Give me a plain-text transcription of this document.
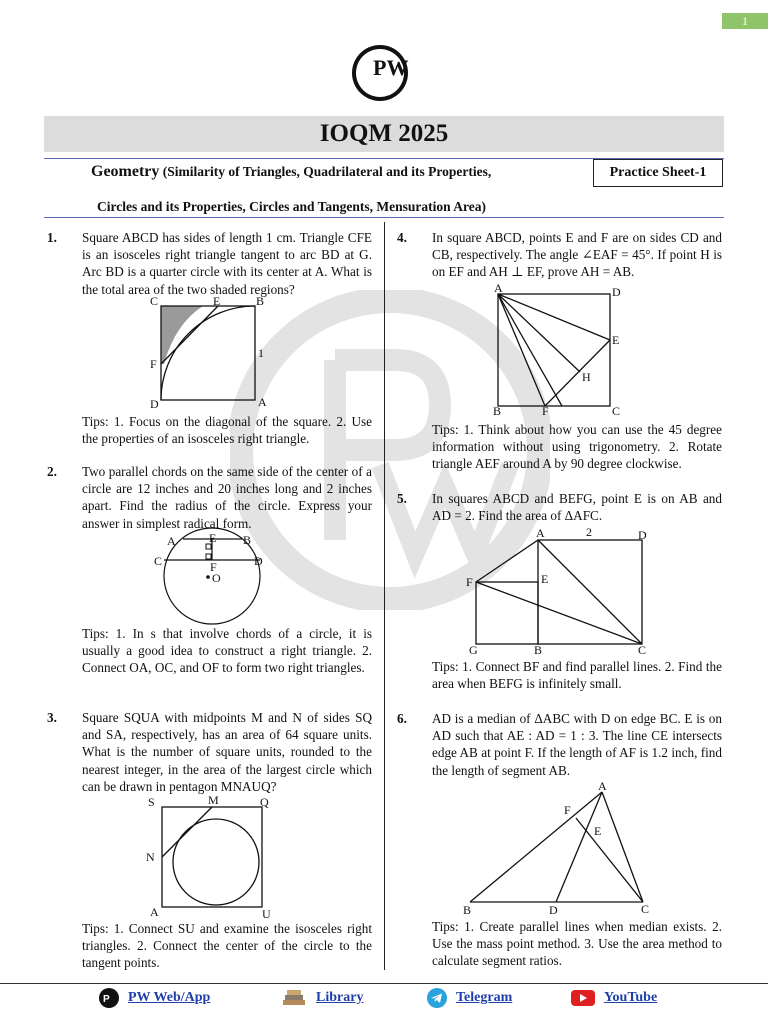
1
PW
IOQM 2025
Geometry (Similarity of Triangles, Quadrilateral and its Properties,
Circles and its Properties, Circles and Tangents, Mensuration Area)
Practice Sheet-1
1. Square ABCD has sides of length 1 cm. Triangle CFE is an isosceles right triangle tangent to arc BD at G. Arc BD is a quarter circle with its center at A. What is the total area of the two shaded regions?
C	E	B
F
D	A
1
Tips: 1. Focus on the diagonal of the square. 2. Use the properties of an isosceles right triangle.
2. Two parallel chords on the same side of the center of a circle are 12 inches and 20 inches long and 2 inches apart. Find the radius of the circle. Express your answer in simplest radical form.
A	E B
C	D
F
O
Tips: 1. In s that involve chords of a circle, it is usually a good idea to construct a right triangle. 2. Connect OA, OC, and OF to form two right triangles.
3. Square SQUA with midpoints M and N of sides SQ and SA, respectively, has an area of 64 square units. What is the number of square units, rounded to the nearest integer, in the area of the largest circle which can be drawn in pentagon MNAUQ?
S	M	Q
N
A	U
Tips: 1. Connect SU and examine the isosceles right triangles. 2. Connect the center of the circle to the tangent points.
4. In square ABCD, points E and F are on sides CD and CB, respectively. The angle ∠EAF = 45°. If point H is on EF and AH ⊥ EF, prove AH = AB.
A	D
E
H
B	F	C
Tips: 1. Think about how you can use the 45 degree information without using trigonometry. 2. Rotate triangle AEF around A by 90 degree clockwise.
5. In squares ABCD and BEFG, point E is on AB and AD = 2. Find the area of ΔAFC.
A	2	D
F	E
G	B	C
Tips: 1. Connect BF and find parallel lines. 2. Find the area when BEFG is infinitely small.
6. AD is a median of ΔABC with D on edge BC. E is on AD such that AE : AD = 1 : 3. The line CE intersects edge AB at point F. If the length of AF is 1.2 inch, find the length of segment AB.
A
F
E
B	D	C
Tips: 1. Create parallel lines when median exists. 2. Use the mass point method. 3. Use the area method to calculate segment ratios.
P PW Web/App	Library	Telegram	YouTube
